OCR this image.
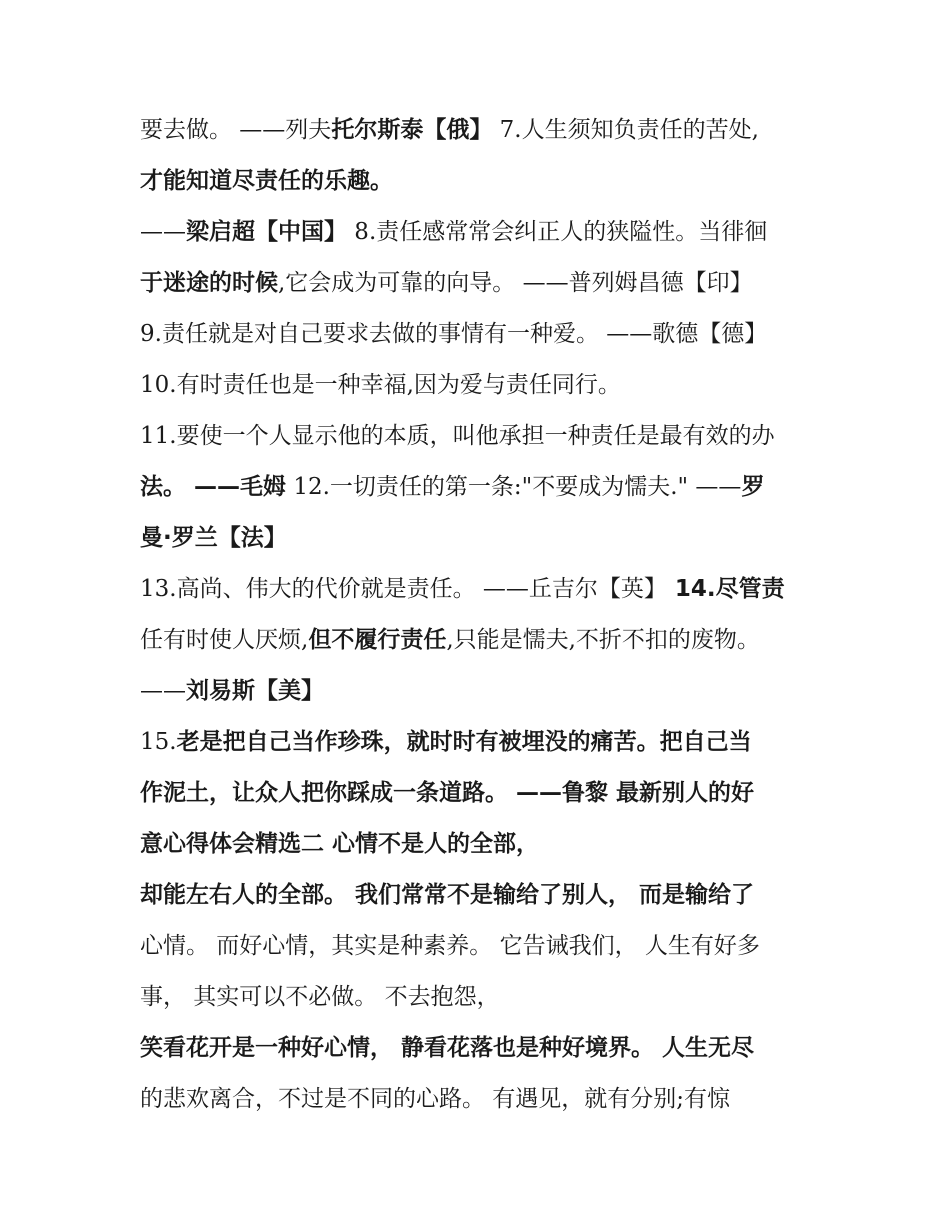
要去做。 ——列夫托尔斯泰【俄】 7.人生须知负责任的苦处,
才能知道尽责任的乐趣。
——梁启超【中国】 8.责任感常常会纠正人的狭隘性。当徘徊
于迷途的时候,它会成为可靠的向导。 ——普列姆昌德【印】
9.责任就是对自己要求去做的事情有一种爱。 ——歌德【德】
10.有时责任也是一种幸福,因为爱与责任同行。
11.要使一个人显示他的本质，叫他承担一种责任是最有效的办
法。 ——毛姆 12.一切责任的第一条:"不要成为懦夫." ——罗
曼·罗兰【法】
13.高尚、伟大的代价就是责任。 ——丘吉尔【英】 14.尽管责
任有时使人厌烦,但不履行责任,只能是懦夫,不折不扣的废物。
——刘易斯【美】
15.老是把自己当作珍珠，就时时有被埋没的痛苦。把自己当
作泥土，让众人把你踩成一条道路。 ——鲁黎 最新别人的好
意心得体会精选二 心情不是人的全部，
却能左右人的全部。 我们常常不是输给了别人， 而是输给了
心情。 而好心情，其实是种素养。 它告诫我们， 人生有好多
事， 其实可以不必做。 不去抱怨，
笑看花开是一种好心情， 静看花落也是种好境界。 人生无尽
的悲欢离合，不过是不同的心路。 有遇见，就有分别;有惊
